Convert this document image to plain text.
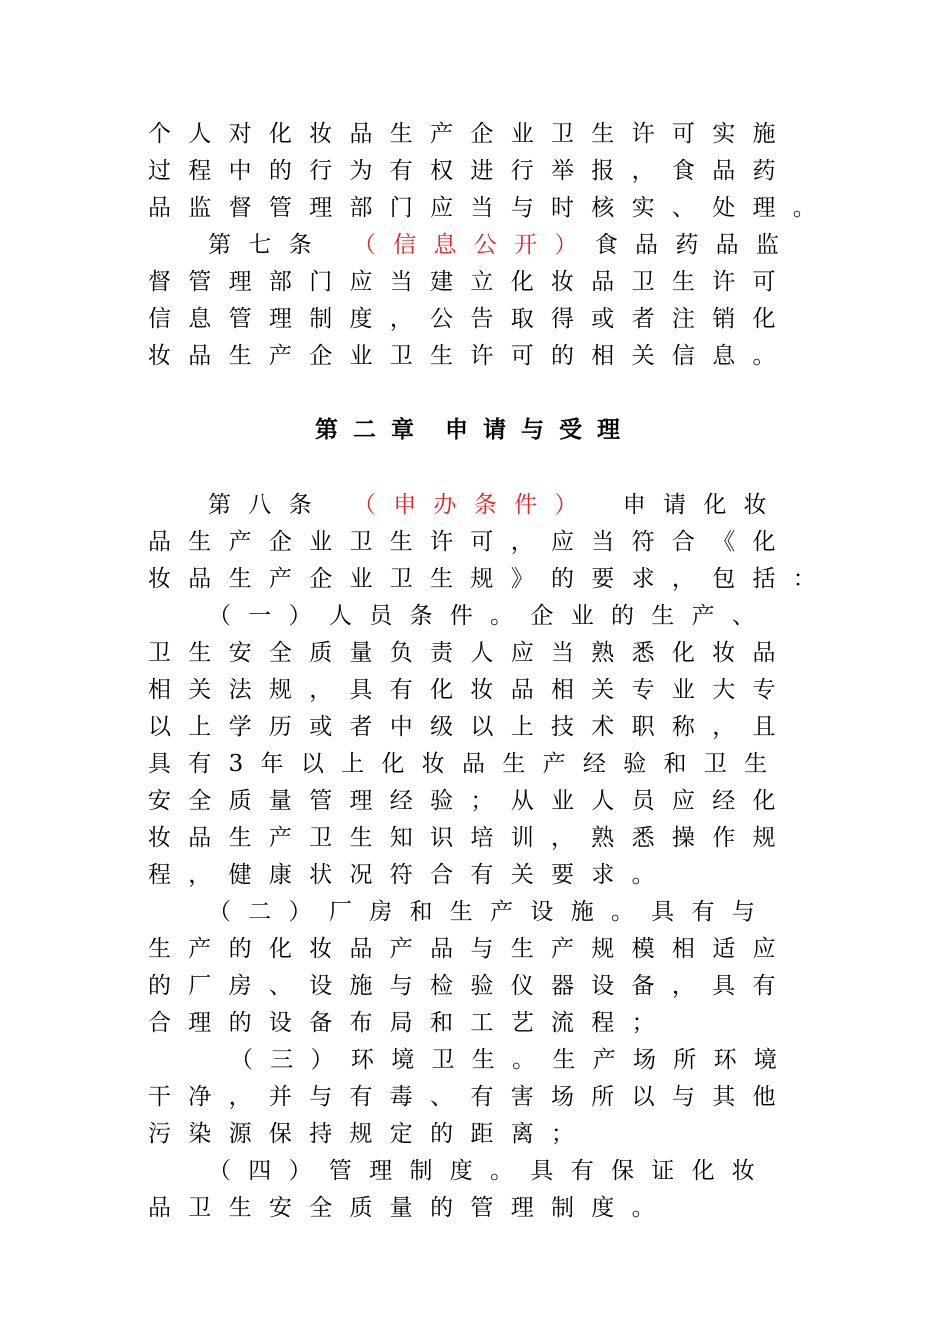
个人对化妆品生产企业卫生许可实施
过程中的行为有权进行举报，食品药
品监督管理部门应当与时核实、处理。
第七条 （信息公开）食品药品监
督管理部门应当建立化妆品卫生许可
信息管理制度，公告取得或者注销化
妆品生产企业卫生许可的相关信息。
第二章 申请与受理
第八条 （申办条件） 申请化妆
品生产企业卫生许可，应当符合《化
妆品生产企业卫生规》的要求，包括：
（一）人员条件。企业的生产、
卫生安全质量负责人应当熟悉化妆品
相关法规，具有化妆品相关专业大专
以上学历或者中级以上技术职称，且
具有3年以上化妆品生产经验和卫生
安全质量管理经验；从业人员应经化
妆品生产卫生知识培训，熟悉操作规
程，健康状况符合有关要求。
（二）厂房和生产设施。具有与
生产的化妆品产品与生产规模相适应
的厂房、设施与检验仪器设备，具有
合理的设备布局和工艺流程；
（三）环境卫生。生产场所环境
干净，并与有毒、有害场所以与其他
污染源保持规定的距离；
（四）管理制度。具有保证化妆
品卫生安全质量的管理制度。
